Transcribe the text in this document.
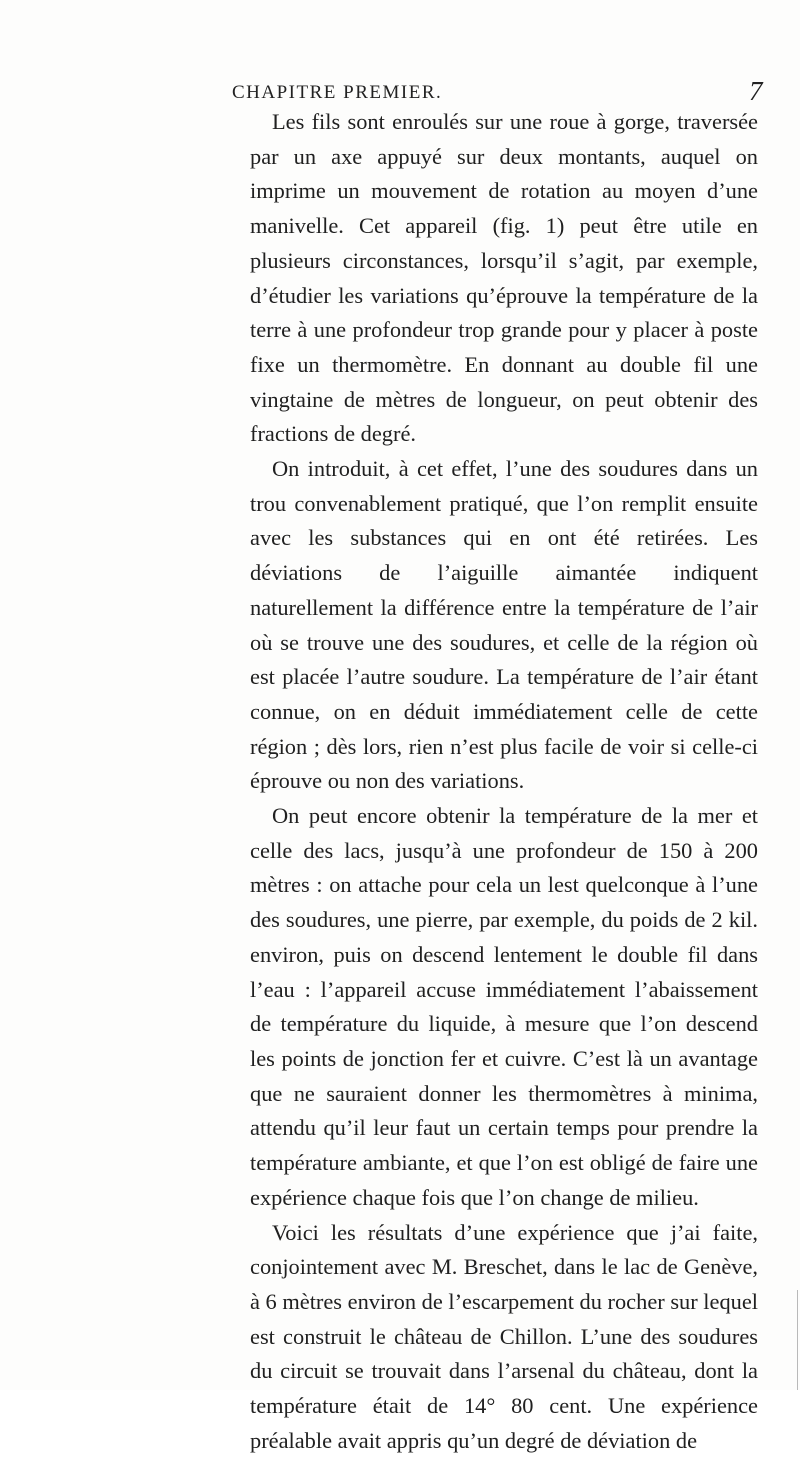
CHAPITRE PREMIER.	7

Les fils sont enroulés sur une roue à gorge, traversée par un axe appuyé sur deux montants, auquel on imprime un mouvement de rotation au moyen d’une manivelle. Cet appareil (fig. 1) peut être utile en plusieurs circonstances, lorsqu’il s’agit, par exemple, d’étudier les variations qu’éprouve la température de la terre à une profondeur trop grande pour y placer à poste fixe un thermomètre. En donnant au double fil une vingtaine de mètres de longueur, on peut obtenir des fractions de degré.

On introduit, à cet effet, l’une des soudures dans un trou convenablement pratiqué, que l’on remplit ensuite avec les substances qui en ont été retirées. Les déviations de l’aiguille aimantée indiquent naturellement la différence entre la température de l’air où se trouve une des soudures, et celle de la région où est placée l’autre soudure. La température de l’air étant connue, on en déduit immédiatement celle de cette région ; dès lors, rien n’est plus facile de voir si celle-ci éprouve ou non des variations.

On peut encore obtenir la température de la mer et celle des lacs, jusqu’à une profondeur de 150 à 200 mètres : on attache pour cela un lest quelconque à l’une des soudures, une pierre, par exemple, du poids de 2 kil. environ, puis on descend lentement le double fil dans l’eau : l’appareil accuse immédiatement l’abaissement de température du liquide, à mesure que l’on descend les points de jonction fer et cuivre. C’est là un avantage que ne sauraient donner les thermomètres à minima, attendu qu’il leur faut un certain temps pour prendre la température ambiante, et que l’on est obligé de faire une expérience chaque fois que l’on change de milieu.

Voici les résultats d’une expérience que j’ai faite, conjointement avec M. Breschet, dans le lac de Genève, à 6 mètres environ de l’escarpement du rocher sur lequel est construit le château de Chillon. L’une des soudures du circuit se trouvait dans l’arsenal du château, dont la température était de 14° 80 cent. Une expérience préalable avait appris qu’un degré de déviation de
